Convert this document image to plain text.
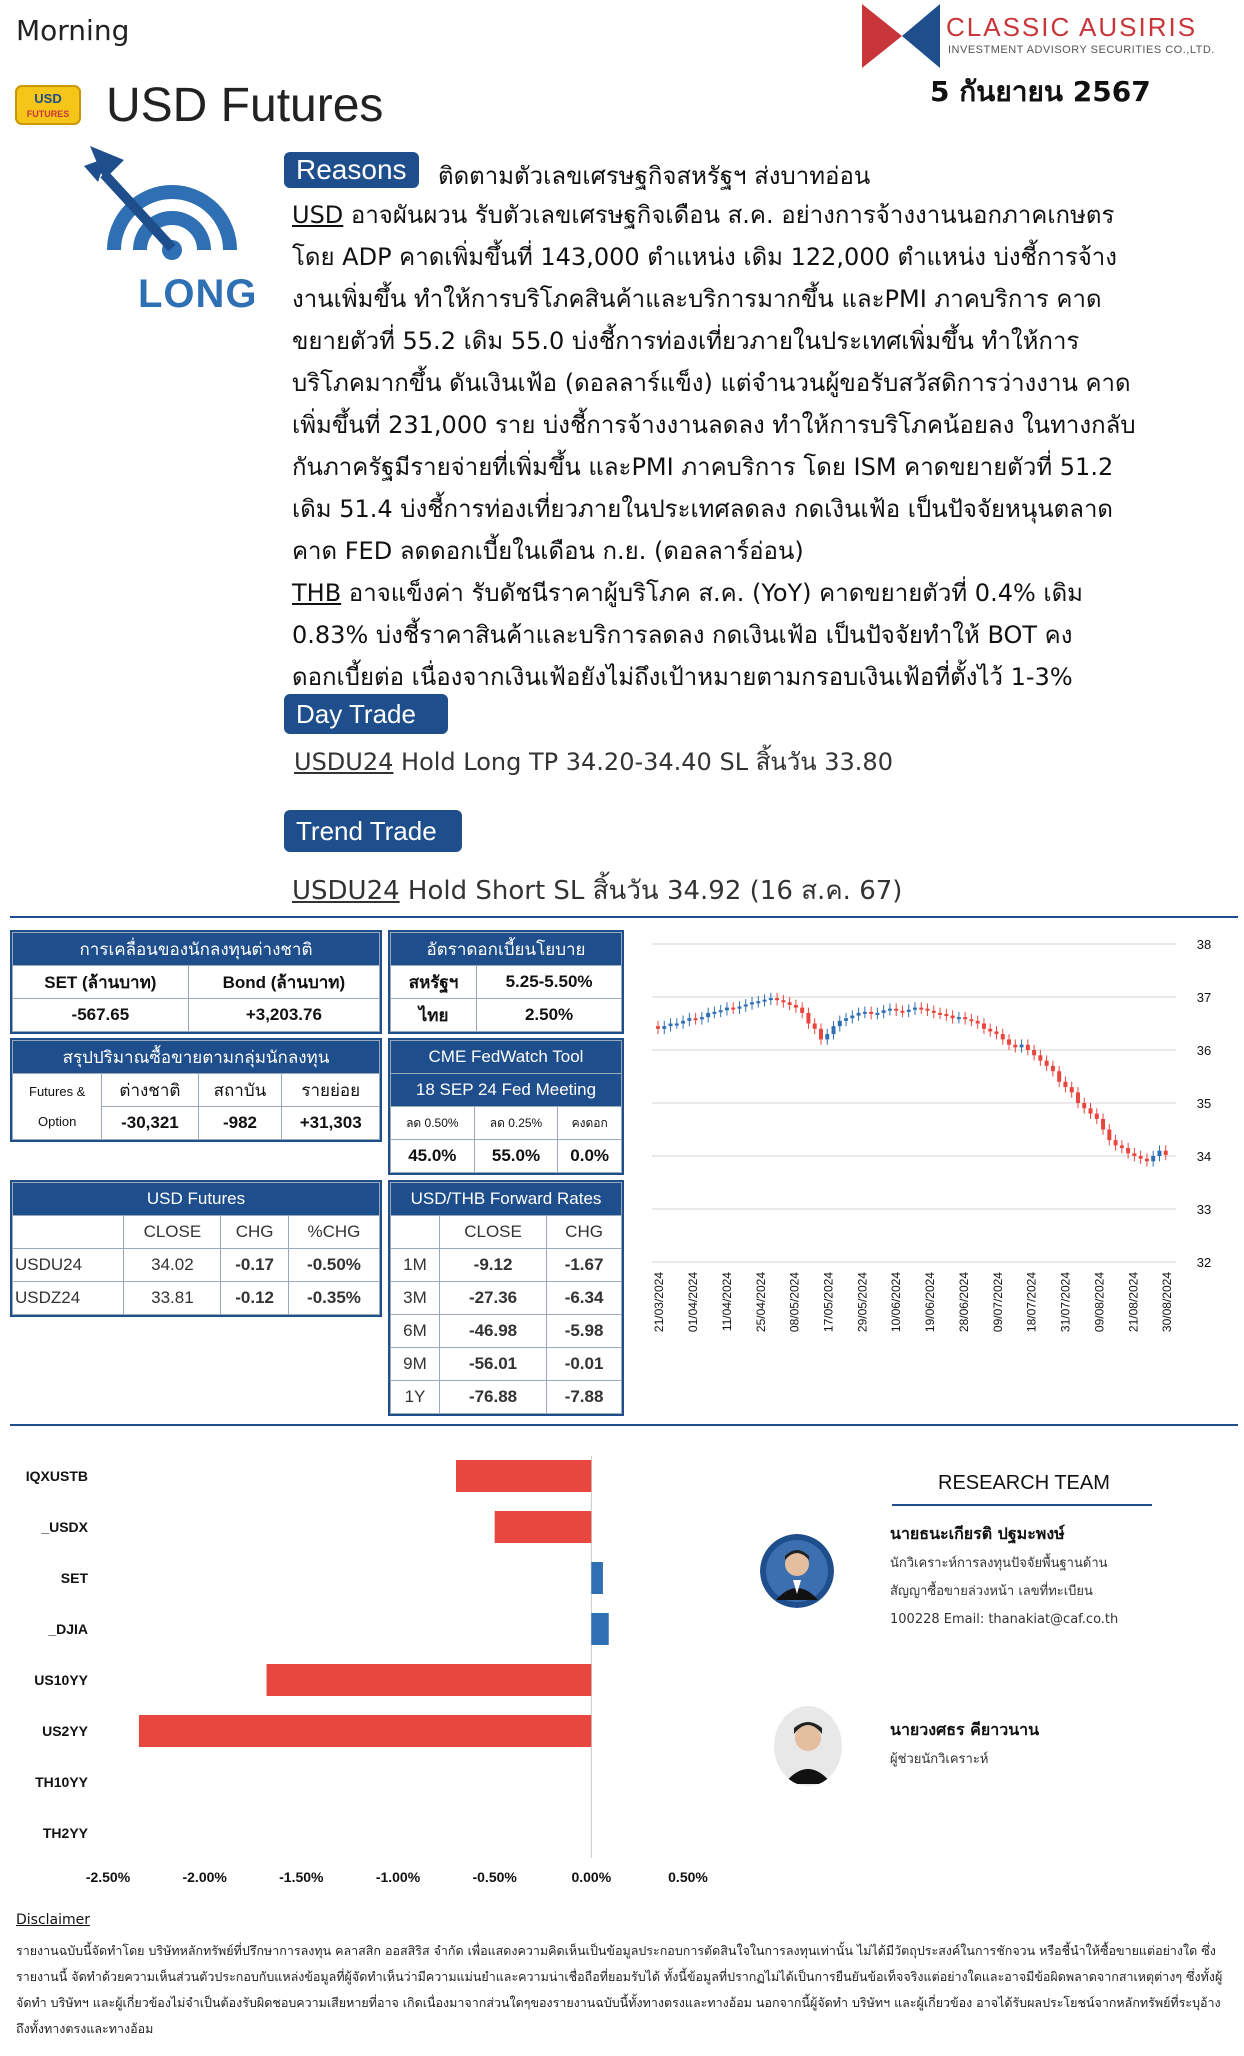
Morning
USD
FUTURES USD Futures
CLASSIC AUSIRIS
INVESTMENT ADVISORY SECURITIES CO.,LTD.
5 กันยายน 2567
LONG
Reasons	ติดตามตัวเลขเศรษฐกิจสหรัฐฯ ส่งบาทอ่อน

USD อาจผันผวน รับตัวเลขเศรษฐกิจเดือน ส.ค. อย่างการจ้างงานนอกภาคเกษตร โดย ADP คาดเพิ่มขึ้นที่ 143,000 ตำแหน่ง เดิม 122,000 ตำแหน่ง บ่งชี้การจ้างงานเพิ่มขึ้น ทำให้การบริโภคสินค้าและบริการมากขึ้น และPMI ภาคบริการ คาดขยายตัวที่ 55.2 เดิม 55.0 บ่งชี้การท่องเที่ยวภายในประเทศเพิ่มขึ้น ทำให้การบริโภคมากขึ้น ดันเงินเฟ้อ (ดอลลาร์แข็ง) แต่จำนวนผู้ขอรับสวัสดิการว่างงาน คาดเพิ่มขึ้นที่ 231,000 ราย บ่งชี้การจ้างงานลดลง ทำให้การบริโภคน้อยลง ในทางกลับกันภาครัฐมีรายจ่ายที่เพิ่มขึ้น และPMI ภาคบริการ โดย ISM คาดขยายตัวที่ 51.2 เดิม 51.4 บ่งชี้การท่องเที่ยวภายในประเทศลดลง กดเงินเฟ้อ เป็นปัจจัยหนุนตลาดคาด FED ลดดอกเบี้ยในเดือน ก.ย. (ดอลลาร์อ่อน)

THB อาจแข็งค่า รับดัชนีราคาผู้บริโภค ส.ค. (YoY) คาดขยายตัวที่ 0.4% เดิม 0.83% บ่งชี้ราคาสินค้าและบริการลดลง กดเงินเฟ้อ เป็นปัจจัยทำให้ BOT คงดอกเบี้ยต่อ เนื่องจากเงินเฟ้อยังไม่ถึงเป้าหมายตามกรอบเงินเฟ้อที่ตั้งไว้ 1-3%

Day Trade
USDU24 Hold Long TP 34.20-34.40 SL สิ้นวัน 33.80
Trend Trade
USDU24 Hold Short SL สิ้นวัน 34.92 (16 ส.ค. 67)
การเคลื่อนของนักลงทุนต่างชาติ	
SET (ล้านบาท)	Bond (ล้านบาท)
-567.65	+3,203.76
อัตราดอกเบี้ยนโยบาย	
สหรัฐฯ	5.25-5.50%
ไทย	2.50%
สรุปปริมาณซื้อขายตามกลุ่มนักลงทุน			
Futures &
Option	ต่างชาติ	สถาบัน	รายย่อย
	-30,321	-982	+31,303
CME FedWatch Tool		
18 SEP 24 Fed Meeting		
ลด 0.50%	ลด 0.25%	คงดอก
45.0%	55.0%	0.0%
USD Futures			
	CLOSE	CHG	%CHG
USDU24	34.02	-0.17	-0.50%
USDZ24	33.81	-0.12	-0.35%
USD/THB Forward Rates		
	CLOSE	CHG
1M	-9.12	-1.67
3M	-27.36	-6.34
6M	-46.98	-5.98
9M	-56.01	-0.01
1Y	-76.88	-7.88
38
37
36
35
34
33
32
21/03/2024 01/04/2024 11/04/2024 25/04/2024 08/05/2024 17/05/2024 29/05/2024 10/06/2024 19/06/2024 28/06/2024 09/07/2024 18/07/2024 31/07/2024 09/08/2024 21/08/2024 30/08/2024
IQXUSTB
_USDX
SET
_DJIA
US10YY
US2YY
TH10YY
TH2YY
-2.50%	-2.00%	-1.50%	-1.00%	-0.50%	0.00%	0.50%
RESEARCH TEAM
นายธนะเกียรติ ปฐมะพงษ์
นักวิเคราะห์การลงทุนปัจจัยพื้นฐานด้าน
สัญญาซื้อขายล่วงหน้า เลขที่ทะเบียน
100228 Email: thanakiat@caf.co.th
นายวงศธร คียาวนาน
ผู้ช่วยนักวิเคราะห์
Disclaimer
รายงานฉบับนี้จัดทำโดย บริษัทหลักทรัพย์ที่ปรึกษาการลงทุน คลาสสิก ออสสิริส จำกัด เพื่อแสดงความคิดเห็นเป็นข้อมูลประกอบการตัดสินใจในการลงทุนเท่านั้น ไม่ได้มีวัตถุประสงค์ในการชักจวน หรือชี้นำให้ซื้อขายแต่อย่างใด ซึ่งรายงานนี้ จัดทำด้วยความเห็นส่วนตัวประกอบกับแหล่งข้อมูลที่ผู้จัดทำเห็นว่ามีความแม่นยำและความน่าเชื่อถือที่ยอมรับได้ ทั้งนี้ข้อมูลที่ปรากฏไม่ได้เป็นการยืนยันข้อเท็จจริงแต่อย่างใดและอาจมีข้อผิดพลาดจากสาเหตุต่างๆ ซึ่งทั้งผู้จัดทำ บริษัทฯ และผู้เกี่ยวข้องไม่จำเป็นต้องรับผิดชอบความเสียหายที่อาจ เกิดเนื่องมาจากส่วนใดๆของรายงานฉบับนี้ทั้งทางตรงและทางอ้อม นอกจากนี้ผู้จัดทำ บริษัทฯ และผู้เกี่ยวข้อง อาจได้รับผลประโยชน์จากหลักทรัพย์ที่ระบุอ้างถึงทั้งทางตรงและทางอ้อม
